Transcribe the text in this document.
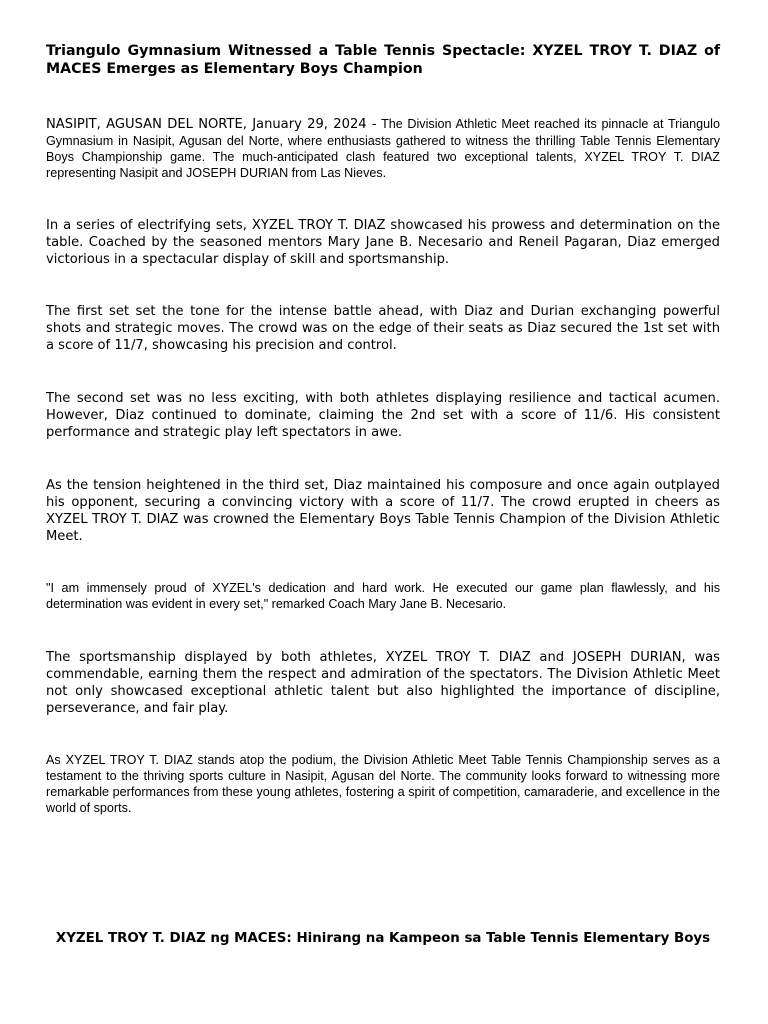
Triangulo Gymnasium Witnessed a Table Tennis Spectacle: XYZEL TROY T. DIAZ of MACES Emerges as Elementary Boys Champion

NASIPIT, AGUSAN DEL NORTE, January 29, 2024 - The Division Athletic Meet reached its pinnacle at Triangulo Gymnasium in Nasipit, Agusan del Norte, where enthusiasts gathered to witness the thrilling Table Tennis Elementary Boys Championship game. The much-anticipated clash featured two exceptional talents, XYZEL TROY T. DIAZ representing Nasipit and JOSEPH DURIAN from Las Nieves.

In a series of electrifying sets, XYZEL TROY T. DIAZ showcased his prowess and determination on the table. Coached by the seasoned mentors Mary Jane B. Necesario and Reneil Pagaran, Diaz emerged victorious in a spectacular display of skill and sportsmanship.

The first set set the tone for the intense battle ahead, with Diaz and Durian exchanging powerful shots and strategic moves. The crowd was on the edge of their seats as Diaz secured the 1st set with a score of 11/7, showcasing his precision and control.

The second set was no less exciting, with both athletes displaying resilience and tactical acumen. However, Diaz continued to dominate, claiming the 2nd set with a score of 11/6. His consistent performance and strategic play left spectators in awe.

As the tension heightened in the third set, Diaz maintained his composure and once again outplayed his opponent, securing a convincing victory with a score of 11/7. The crowd erupted in cheers as XYZEL TROY T. DIAZ was crowned the Elementary Boys Table Tennis Champion of the Division Athletic Meet.

"I am immensely proud of XYZEL's dedication and hard work. He executed our game plan flawlessly, and his determination was evident in every set," remarked Coach Mary Jane B. Necesario.

The sportsmanship displayed by both athletes, XYZEL TROY T. DIAZ and JOSEPH DURIAN, was commendable, earning them the respect and admiration of the spectators. The Division Athletic Meet not only showcased exceptional athletic talent but also highlighted the importance of discipline, perseverance, and fair play.

As XYZEL TROY T. DIAZ stands atop the podium, the Division Athletic Meet Table Tennis Championship serves as a testament to the thriving sports culture in Nasipit, Agusan del Norte. The community looks forward to witnessing more remarkable performances from these young athletes, fostering a spirit of competition, camaraderie, and excellence in the world of sports.

XYZEL TROY T. DIAZ ng MACES: Hinirang na Kampeon sa Table Tennis Elementary Boys
